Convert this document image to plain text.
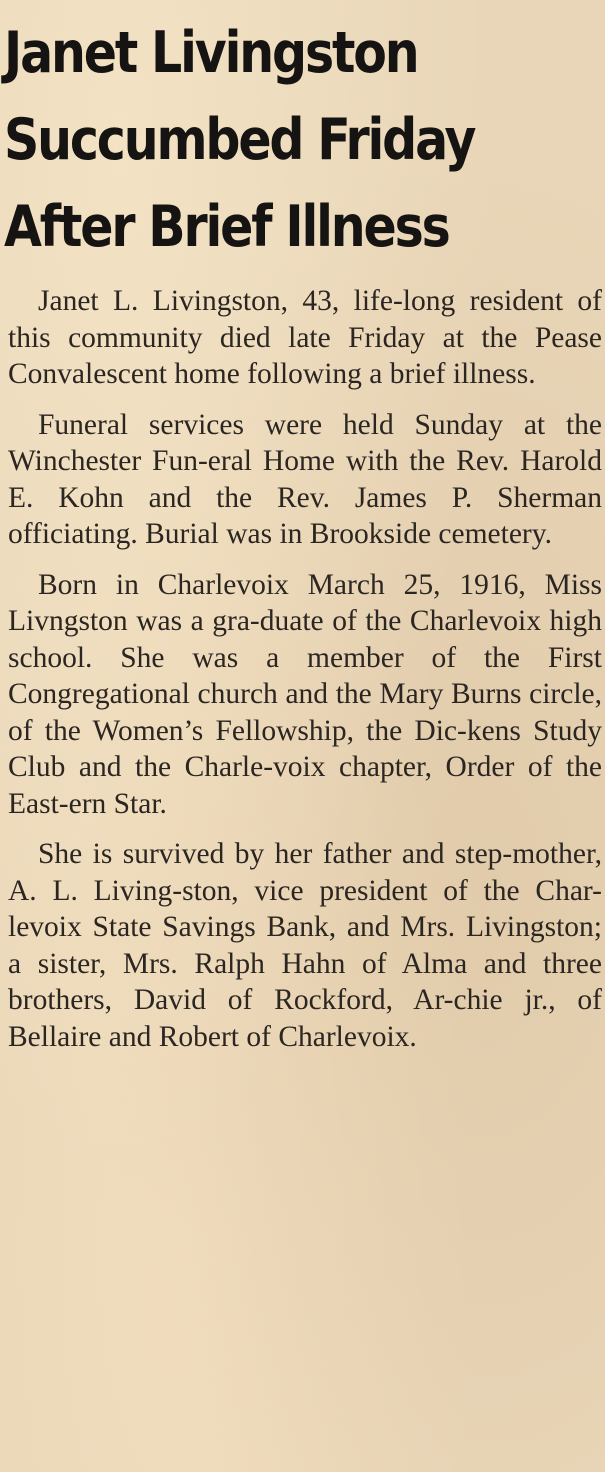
Janet Livingston
Succumbed Friday
After Brief Illness

Janet L. Livingston, 43, life-long resident of this community died late Friday at the Pease Convalescent home following a brief illness.

Funeral services were held Sunday at the Winchester Fun-eral Home with the Rev. Harold E. Kohn and the Rev. James P. Sherman officiating. Burial was in Brookside cemetery.

Born in Charlevoix March 25, 1916, Miss Livngston was a gra-duate of the Charlevoix high school. She was a member of the First Congregational church and the Mary Burns circle, of the Women’s Fellowship, the Dic-kens Study Club and the Charle-voix chapter, Order of the East-ern Star.

She is survived by her father and step-mother, A. L. Living-ston, vice president of the Char-levoix State Savings Bank, and Mrs. Livingston; a sister, Mrs. Ralph Hahn of Alma and three brothers, David of Rockford, Ar-chie jr., of Bellaire and Robert of Charlevoix.
